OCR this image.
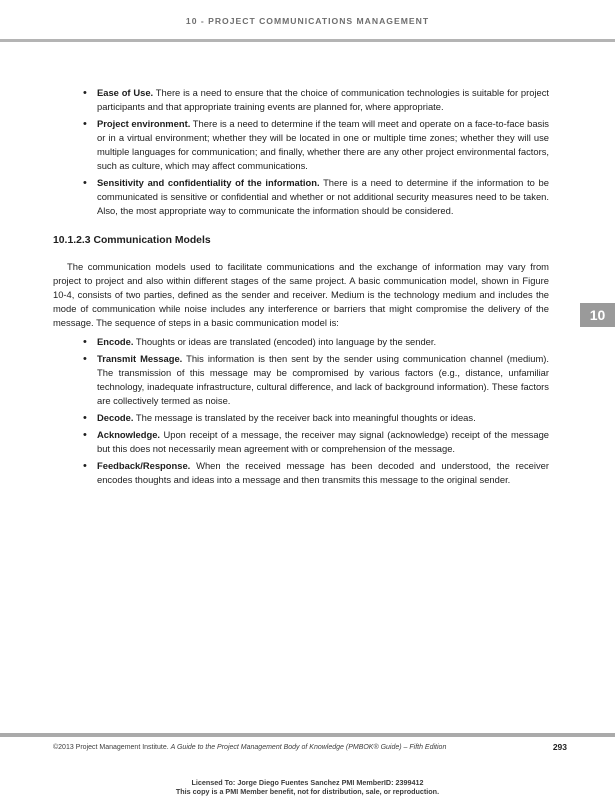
10 - PROJECT COMMUNICATIONS MANAGEMENT
10
• Ease of Use. There is a need to ensure that the choice of communication technologies is suitable for project participants and that appropriate training events are planned for, where appropriate.
• Project environment. There is a need to determine if the team will meet and operate on a face-to-face basis or in a virtual environment; whether they will be located in one or multiple time zones; whether they will use multiple languages for communication; and finally, whether there are any other project environmental factors, such as culture, which may affect communications.
• Sensitivity and confidentiality of the information. There is a need to determine if the information to be communicated is sensitive or confidential and whether or not additional security measures need to be taken. Also, the most appropriate way to communicate the information should be considered.
10.1.2.3 Communication Models

The communication models used to facilitate communications and the exchange of information may vary from project to project and also within different stages of the same project. A basic communication model, shown in Figure 10-4, consists of two parties, defined as the sender and receiver. Medium is the technology medium and includes the mode of communication while noise includes any interference or barriers that might compromise the delivery of the message. The sequence of steps in a basic communication model is:

• Encode. Thoughts or ideas are translated (encoded) into language by the sender.
• Transmit Message. This information is then sent by the sender using communication channel (medium). The transmission of this message may be compromised by various factors (e.g., distance, unfamiliar technology, inadequate infrastructure, cultural difference, and lack of background information). These factors are collectively termed as noise.
• Decode. The message is translated by the receiver back into meaningful thoughts or ideas.
• Acknowledge. Upon receipt of a message, the receiver may signal (acknowledge) receipt of the message but this does not necessarily mean agreement with or comprehension of the message.
• Feedback/Response. When the received message has been decoded and understood, the receiver encodes thoughts and ideas into a message and then transmits this message to the original sender.
©2013 Project Management Institute. A Guide to the Project Management Body of Knowledge (PMBOK® Guide) – Fifth Edition	293
Licensed To: Jorge Diego Fuentes Sanchez PMI MemberID: 2399412
This copy is a PMI Member benefit, not for distribution, sale, or reproduction.
